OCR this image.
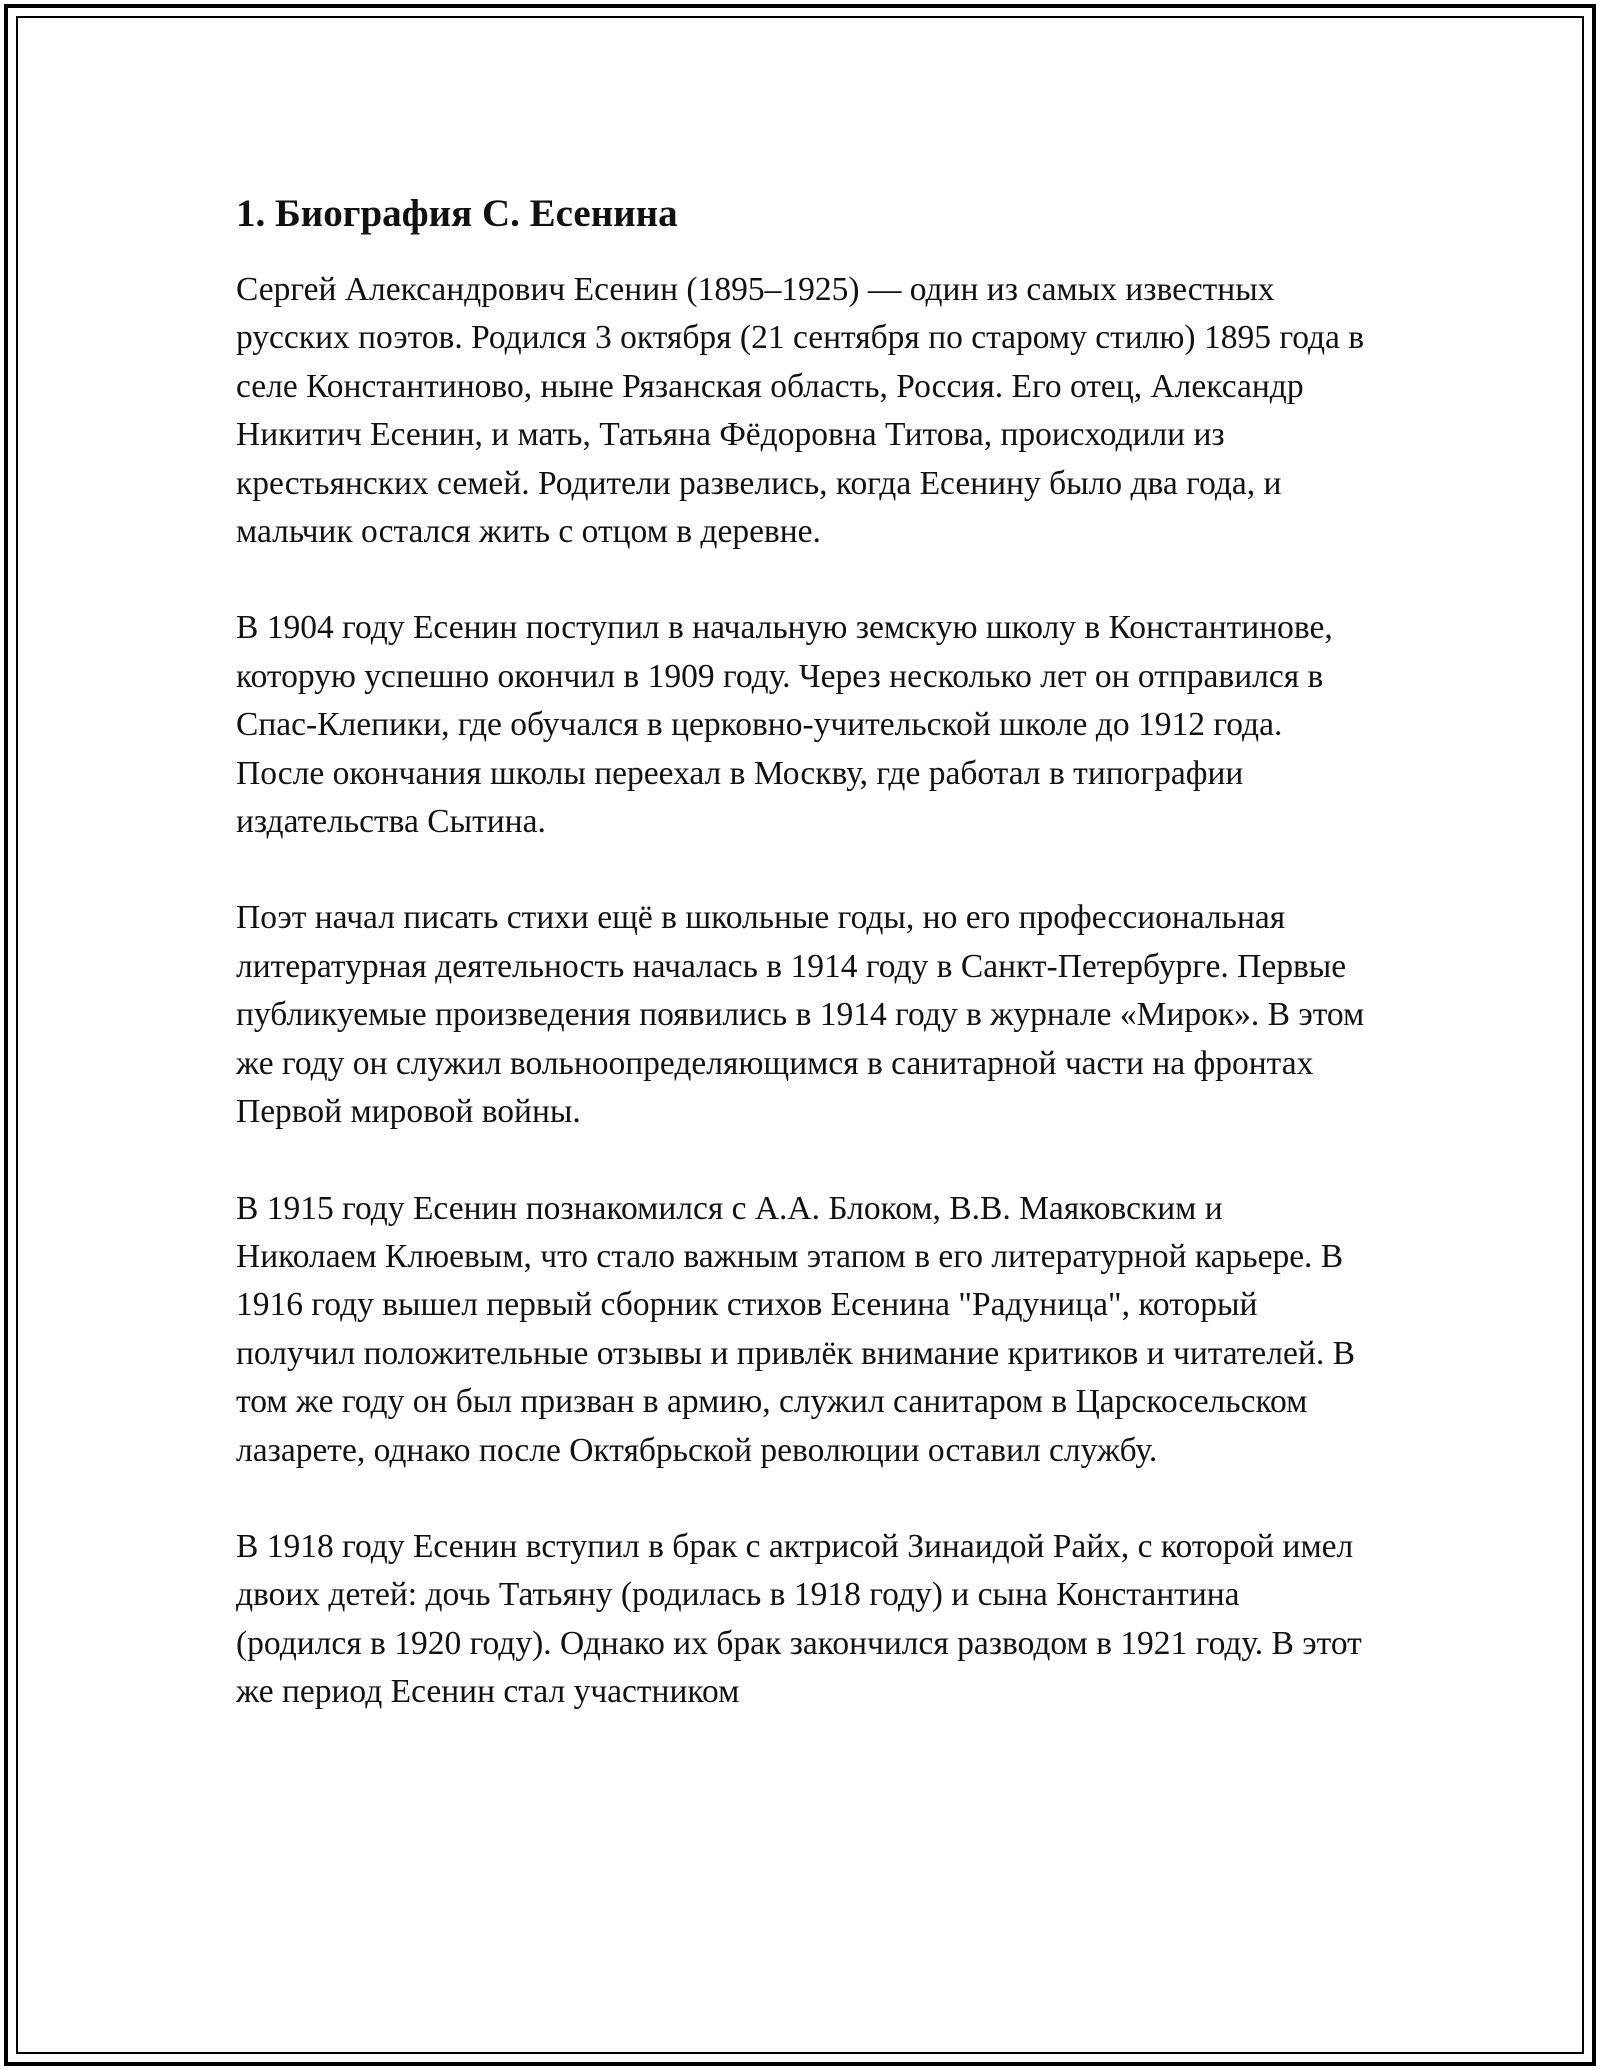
1. Биография С. Есенина

Сергей Александрович Есенин (1895–1925) — один из самых известных русских поэтов. Родился 3 октября (21 сентября по старому стилю) 1895 года в селе Константиново, ныне Рязанская область, Россия. Его отец, Александр Никитич Есенин, и мать, Татьяна Фёдоровна Титова, происходили из крестьянских семей. Родители развелись, когда Есенину было два года, и мальчик остался жить с отцом в деревне.

В 1904 году Есенин поступил в начальную земскую школу в Константинове, которую успешно окончил в 1909 году. Через несколько лет он отправился в Спас-Клепики, где обучался в церковно-учительской школе до 1912 года. После окончания школы переехал в Москву, где работал в типографии издательства Сытина.

Поэт начал писать стихи ещё в школьные годы, но его профессиональная литературная деятельность началась в 1914 году в Санкт-Петербурге. Первые публикуемые произведения появились в 1914 году в журнале «Мирок». В этом же году он служил вольноопределяющимся в санитарной части на фронтах Первой мировой войны.

В 1915 году Есенин познакомился с А.А. Блоком, В.В. Маяковским и Николаем Клюевым, что стало важным этапом в его литературной карьере. В 1916 году вышел первый сборник стихов Есенина "Радуница", который получил положительные отзывы и привлёк внимание критиков и читателей. В том же году он был призван в армию, служил санитаром в Царскосельском лазарете, однако после Октябрьской революции оставил службу.

В 1918 году Есенин вступил в брак с актрисой Зинаидой Райх, с которой имел двоих детей: дочь Татьяну (родилась в 1918 году) и сына Константина (родился в 1920 году). Однако их брак закончился разводом в 1921 году. В этот же период Есенин стал участником
